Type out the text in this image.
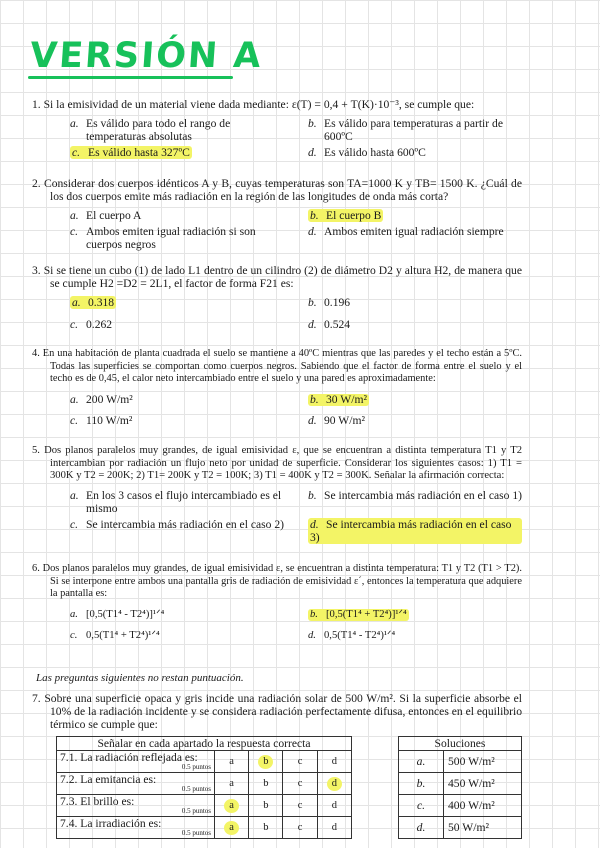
VERSIÓN A
1. Si la emisividad de un material viene dada mediante: ε(T) = 0,4 + T(K)·10⁻³, se cumple que:
a. Es válido para todo el rango de temperaturas absolutas
b. Es válido para temperaturas a partir de 600ºC
c. Es válido hasta 327ºC	d. Es válido hasta 600ºC
2. Considerar dos cuerpos idénticos A y B, cuyas temperaturas son TA=1000 K y TB= 1500 K. ¿Cuál de los dos cuerpos emite más radiación en la región de las longitudes de onda más corta?
a. El cuerpo A	b. El cuerpo B
c. Ambos emiten igual radiación si son cuerpos negros
d. Ambos emiten igual radiación siempre
3. Si se tiene un cubo (1) de lado L1 dentro de un cilindro (2) de diámetro D2 y altura H2, de manera que se cumple H2 =D2 = 2L1, el factor de forma F21 es:
a. 0.318	b. 0.196
c. 0.262	d. 0.524
4. En una habitación de planta cuadrada el suelo se mantiene a 40ºC mientras que las paredes y el techo están a 5ºC. Todas las superficies se comportan como cuerpos negros. Sabiendo que el factor de forma entre el suelo y el techo es de 0,45, el calor neto intercambiado entre el suelo y una pared es aproximadamente:
a. 200 W/m²	b. 30 W/m²
c. 110 W/m²	d. 90 W/m²
5. Dos planos paralelos muy grandes, de igual emisividad ε, que se encuentran a distinta temperatura T1 y T2 intercambian por radiación un flujo neto por unidad de superficie. Considerar los siguientes casos: 1) T1 = 300K y T2 = 200K; 2) T1= 200K y T2 = 100K; 3) T1 = 400K y T2 = 300K. Señalar la afirmación correcta:
a. En los 3 casos el flujo intercambiado es el mismo
b. Se intercambia más radiación en el caso 1)
c. Se intercambia más radiación en el caso 2) d. Se intercambia más radiación en el caso 3)
6. Dos planos paralelos muy grandes, de igual emisividad ε, se encuentran a distinta temperatura: T1 y T2 (T1 > T2). Si se interpone entre ambos una pantalla gris de radiación de emisividad ε´, entonces la temperatura que adquiere la pantalla es:
a. [0,5(T1⁴ - T2⁴)]¹ᐟ⁴	b. [0,5(T1⁴ + T2⁴)]¹ᐟ⁴
c. 0,5(T1⁴ + T2⁴)¹ᐟ⁴	d. 0,5(T1⁴ - T2⁴)¹ᐟ⁴
Las preguntas siguientes no restan puntuación.
7. Sobre una superficie opaca y gris incide una radiación solar de 500 W/m². Si la superficie absorbe el 10% de la radiación incidente y se considera radiación perfectamente difusa, entonces en el equilibrio térmico se cumple que:
Señalar en cada apartado la respuesta correcta				
7.1. La radiación reflejada es:
0.5 puntos	a	b	c	d
7.2. La emitancia es:
0.5 puntos	a	b	c	d
7.3. El brillo es:
0.5 puntos	a	b	c	d
7.4. La irradiación es:
0.5 puntos	a	b	c	d
Soluciones	
a.	500 W/m²
b.	450 W/m²
c.	400 W/m²
d.	50 W/m²
